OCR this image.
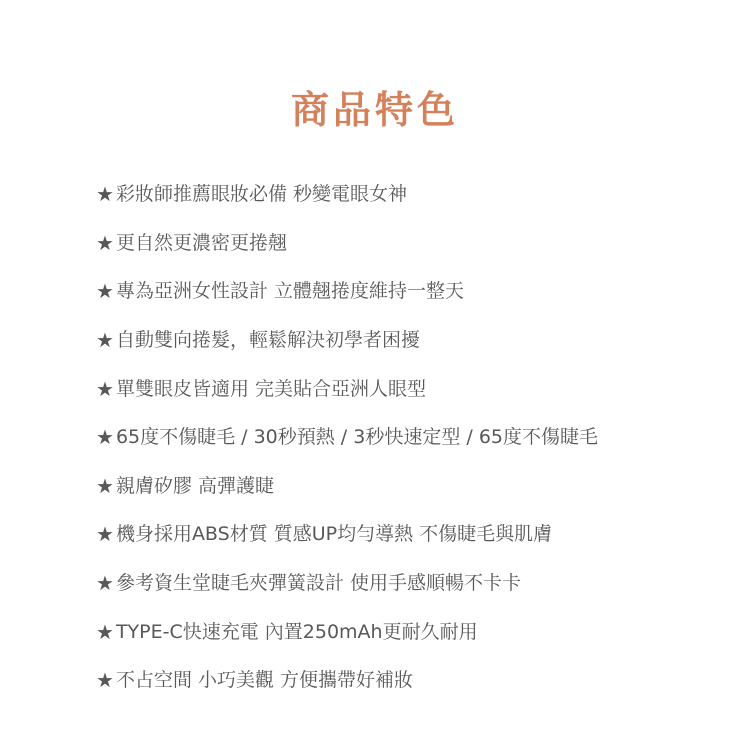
商品特色
★ 彩妝師推薦眼妝必備 秒變電眼女神
★ 更自然更濃密更捲翹
★ 專為亞洲女性設計 立體翹捲度維持一整天
★ 自動雙向捲髮，輕鬆解決初學者困擾
★ 單雙眼皮皆適用 完美貼合亞洲人眼型
★ 65度不傷睫毛 / 30秒預熱 / 3秒快速定型 / 65度不傷睫毛
★ 親膚矽膠 高彈護睫
★ 機身採用ABS材質 質感UP均勻導熱 不傷睫毛與肌膚
★ 參考資生堂睫毛夾彈簧設計 使用手感順暢不卡卡
★ TYPE-C快速充電 內置250mAh更耐久耐用
★ 不占空間 小巧美觀 方便攜帶好補妝
